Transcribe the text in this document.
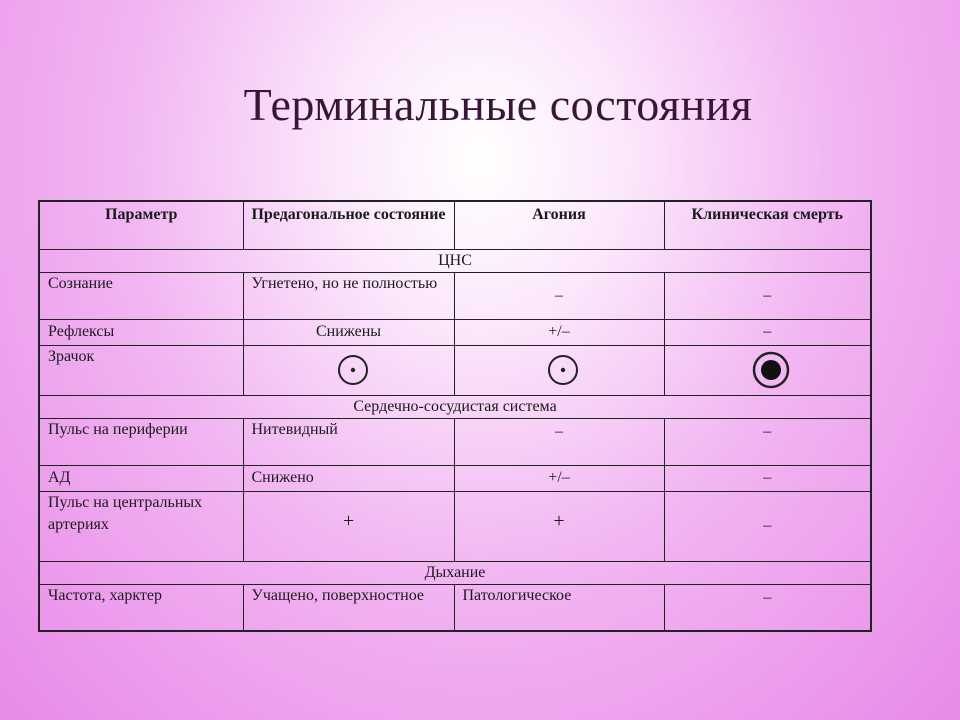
Терминальные состояния
Параметр	Предагональное состояние	Агония	Клиническая смерть
ЦНС			
Сознание	Угнетено, но не полностью	–	–
Рефлексы	Снижены	+/–	–
Зрачок	

Сердечно-сосудистая система			
Пульс на периферии	Нитевидный	–	–
АД	Снижено	+/–	–
Пульс на центральных артериях	+	+	–
Дыхание			
Частота, харктер	Учащено, поверхностное	Патологическое	–
